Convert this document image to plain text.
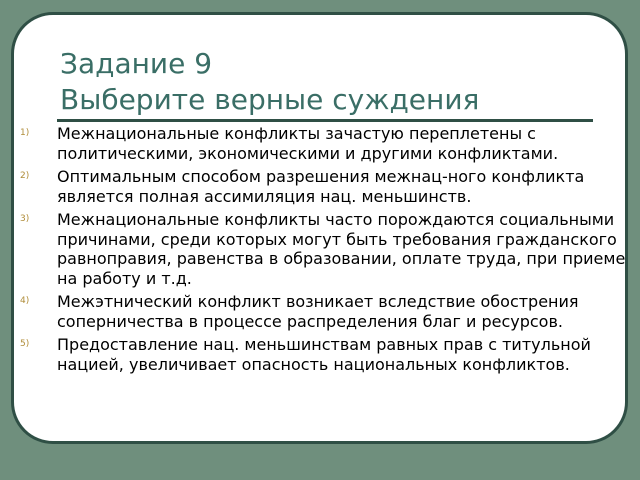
Задание 9
Выберите верные суждения
1) Межнациональные конфликты зачастую переплетены с политическими, экономическими и другими конфликтами.
2) Оптимальным способом разрешения межнац-ного конфликта является полная ассимиляция нац. меньшинств.
3) Межнациональные конфликты часто порождаются социальными причинами, среди которых могут быть требования гражданского равноправия, равенства в образовании, оплате труда, при приеме на работу и т.д.
4) Межэтнический конфликт возникает вследствие обострения соперничества в процессе распределения благ и ресурсов.
5) Предоставление нац. меньшинствам равных прав с титульной нацией, увеличивает опасность национальных конфликтов.
